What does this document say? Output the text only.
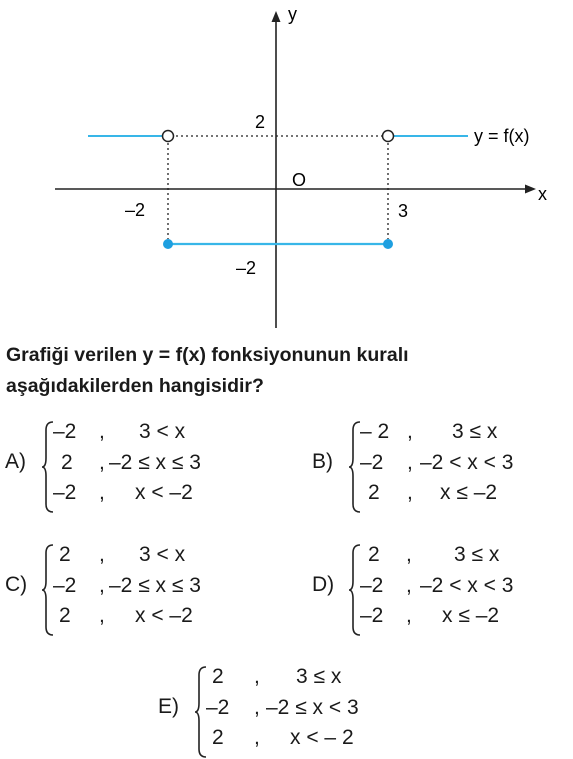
y
x
O
2
–2
–2	3
y = f(x)
Grafiği verilen y = f(x) fonksiyonunun kuralı
aşağıdakilerden hangisidir?
A)
–2 , 3 < x
2 , –2 ≤ x ≤ 3
–2 , x < –2
B)
– 2 , 3 ≤ x
–2 , –2 < x < 3
2 , x ≤ –2
C)
2 , 3 < x
–2 , –2 ≤ x ≤ 3
2 , x < –2
D)
2 , 3 ≤ x
–2 , –2 < x < 3
–2 , x ≤ –2
E)
2 , 3 ≤ x
–2 , –2 ≤ x < 3
2 , x < – 2
